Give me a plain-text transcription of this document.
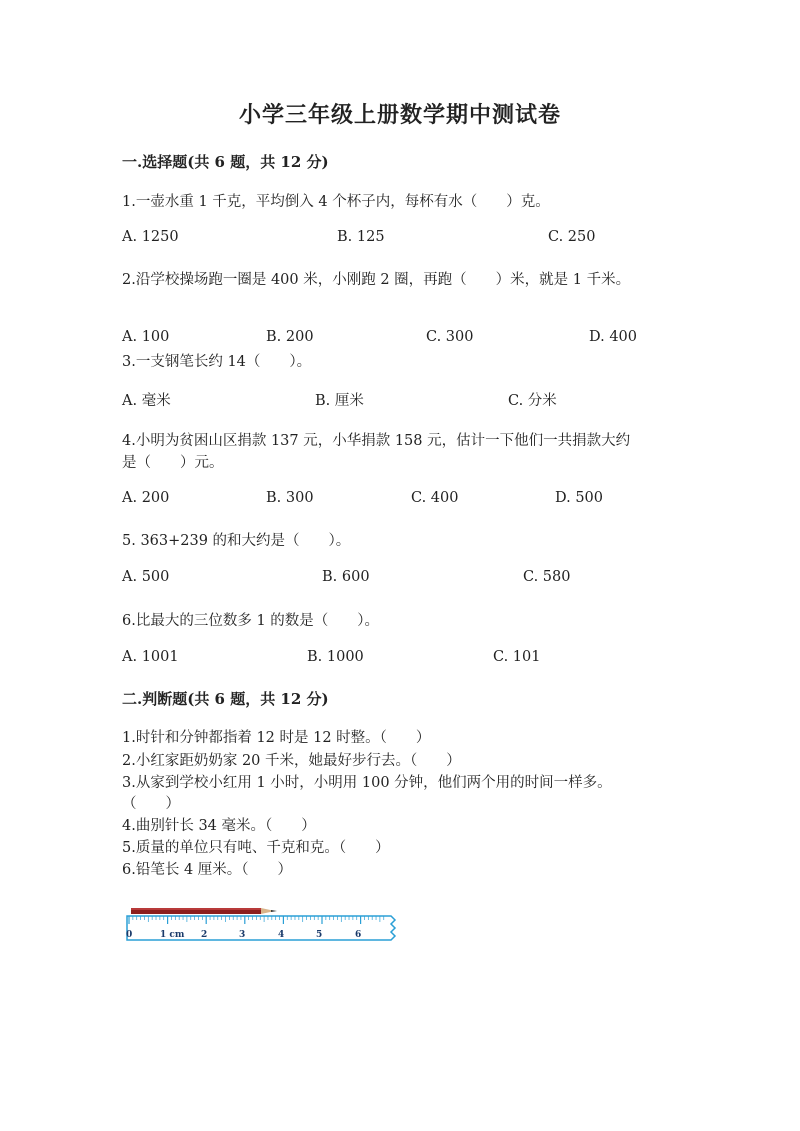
小学三年级上册数学期中测试卷
一.选择题(共 6 题，共 12 分)
1.一壶水重 1 千克，平均倒入 4 个杯子内，每杯有水（　　）克。
A. 1250	B. 125	C. 250
2.沿学校操场跑一圈是 400 米，小刚跑 2 圈，再跑（　　）米，就是 1 千米。
A. 100	B. 200	C. 300	D. 400
3.一支钢笔长约 14（　　）。
A. 毫米	B. 厘米	C. 分米
4.小明为贫困山区捐款 137 元，小华捐款 158 元，估计一下他们一共捐款大约
是（　　）元。
A. 200	B. 300	C. 400	D. 500
5. 363+239 的和大约是（　　）。
A. 500	B. 600	C. 580
6.比最大的三位数多 1 的数是（　　）。
A. 1001	B. 1000	C. 101
二.判断题(共 6 题，共 12 分)
1.时针和分钟都指着 12 时是 12 时整。（　　）
2.小红家距奶奶家 20 千米，她最好步行去。（　　）
3.从家到学校小红用 1 小时，小明用 100 分钟，他们两个用的时间一样多。
（　　）
4.曲别针长 34 毫米。（　　）
5.质量的单位只有吨、千克和克。（　　）
6.铅笔长 4 厘米。（　　）
0	1 cm 2	3	4	5	6
